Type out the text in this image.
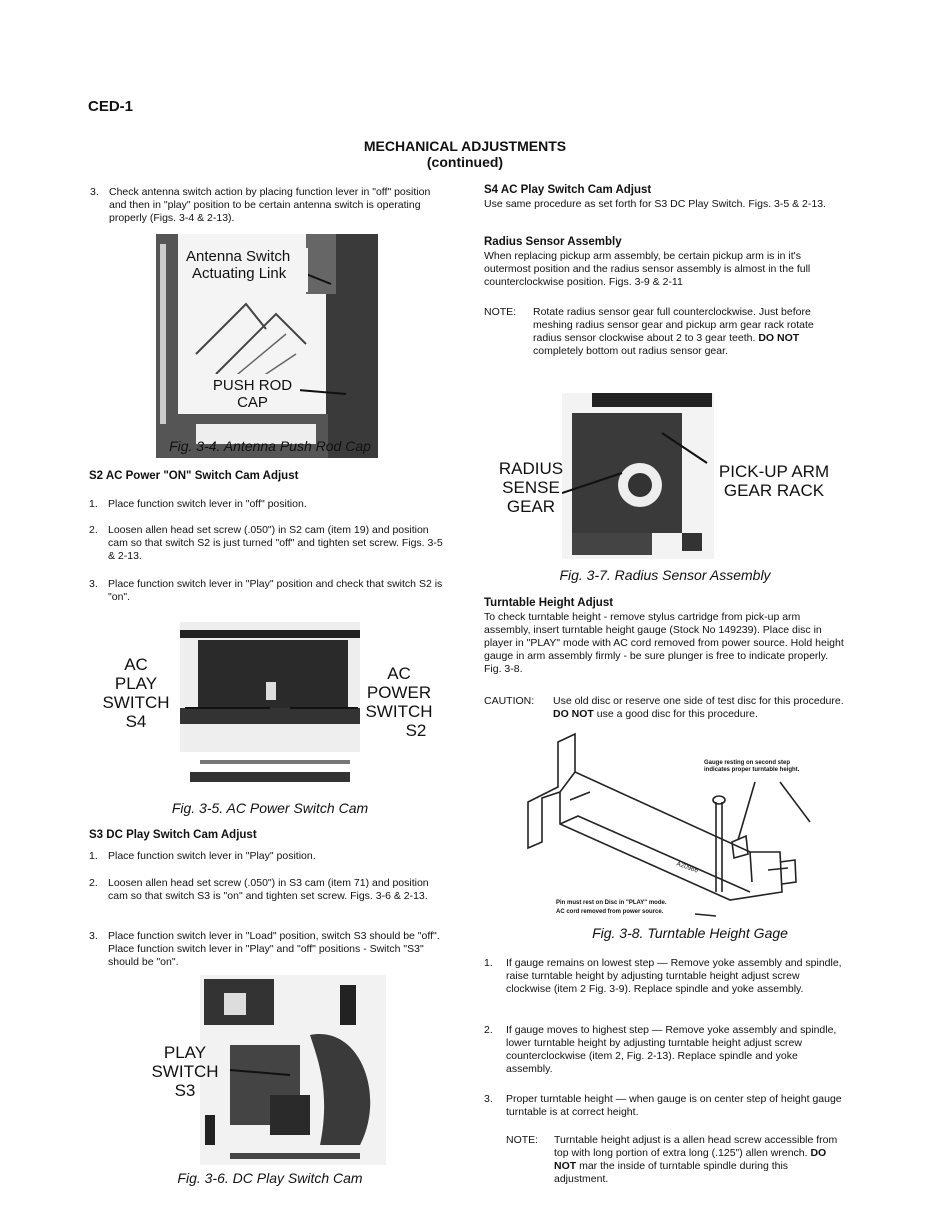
CED-1
MECHANICAL ADJUSTMENTS
(continued)
3. Check antenna switch action by placing function lever in "off" position and then in "play" position to be certain antenna switch is operating properly (Figs. 3-4 & 2-13).
Antenna Switch
Actuating Link
PUSH ROD
CAP
Fig. 3-4. Antenna Push Rod Cap
S2 AC Power "ON" Switch Cam Adjust
1. Place function switch lever in "off" position.
2. Loosen allen head set screw (.050") in S2 cam (item 19) and position cam so that switch S2 is just turned "off" and tighten set screw. Figs. 3-5 & 2-13.
3. Place function switch lever in "Play" position and check that switch S2 is "on".
AC
PLAY
SWITCH
S4
AC
POWER
SWITCH
S2
Fig. 3-5. AC Power Switch Cam
S3 DC Play Switch Cam Adjust
1. Place function switch lever in "Play" position.
2. Loosen allen head set screw (.050") in S3 cam (item 71) and position cam so that switch S3 is "on" and tighten set screw. Figs. 3-6 & 2-13.
3. Place function switch lever in "Load" position, switch S3 should be "off". Place function switch lever in "Play" and "off" positions - Switch "S3" should be "on".
PLAY
SWITCH
S3
Fig. 3-6. DC Play Switch Cam
S4 AC Play Switch Cam Adjust
Use same procedure as set forth for S3 DC Play Switch. Figs. 3-5 & 2-13.
Radius Sensor Assembly
When replacing pickup arm assembly, be certain pickup arm is in it's outermost position and the radius sensor assembly is almost in the full counterclockwise position. Figs. 3-9 & 2-11
NOTE: Rotate radius sensor gear full counterclockwise. Just before meshing radius sensor gear and pickup arm gear rack rotate radius sensor clockwise about 2 to 3 gear teeth. DO NOT completely bottom out radius sensor gear.
RADIUS
SENSE
GEAR
PICK-UP ARM
GEAR RACK
Fig. 3-7. Radius Sensor Assembly
Turntable Height Adjust
To check turntable height - remove stylus cartridge from pick-up arm assembly, insert turntable height gauge (Stock No 149239). Place disc in player in "PLAY" mode with AC cord removed from power source. Hold height gauge in arm assembly firmly - be sure plunger is free to indicate properly. Fig. 3-8.
CAUTION: Use old disc or reserve one side of test disc for this procedure. DO NOT use a good disc for this procedure.
Gauge resting on second step
indicates proper turntable height.
A20966
Pin must rest on Disc in "PLAY" mode.
AC cord removed from power source.
Fig. 3-8. Turntable Height Gage
1. If gauge remains on lowest step — Remove yoke assembly and spindle, raise turntable height by adjusting turntable height adjust screw clockwise (item 2 Fig. 3-9). Replace spindle and yoke assembly.
2. If gauge moves to highest step — Remove yoke assembly and spindle, lower turntable height by adjusting turntable height adjust screw counterclockwise (item 2, Fig. 2-13). Replace spindle and yoke assembly.
3. Proper turntable height — when gauge is on center step of height gauge turntable is at correct height.
NOTE: Turntable height adjust is a allen head screw accessible from top with long portion of extra long (.125") allen wrench. DO NOT mar the inside of turntable spindle during this adjustment.
